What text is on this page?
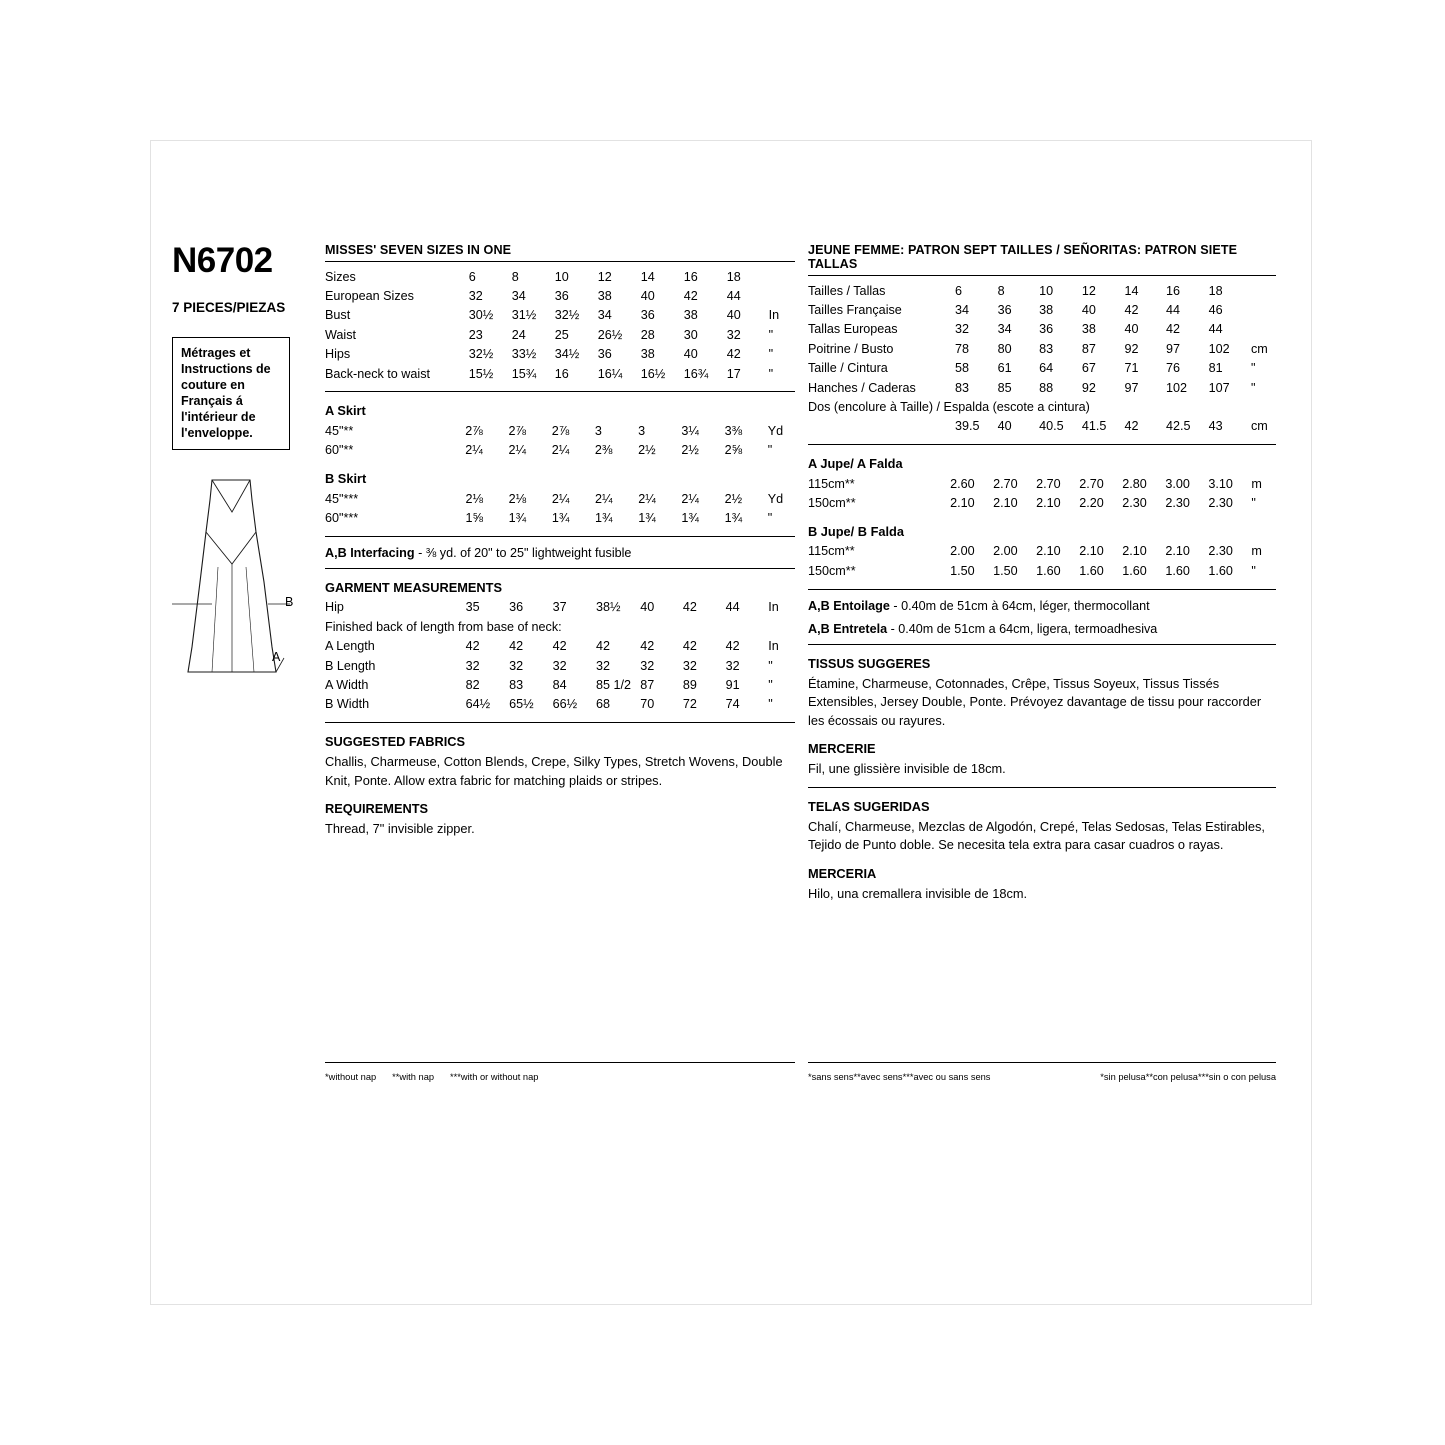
N6702
7 PIECES/PIEZAS
Métrages et Instructions de couture en Français á l'intérieur de l'enveloppe.
B
A
MISSES' SEVEN SIZES IN ONE
Sizes	6	8	10	12	14	16	18	
European Sizes	32	34	36	38	40	42	44	
Bust	30½	31½	32½	34	36	38	40	In
Waist	23	24	25	26½	28	30	32	"
Hips	32½	33½	34½	36	38	40	42	"
Back-neck to waist	15½	15¾	16	16¼	16½	16¾	17	"
A Skirt
45"**	2⅞	2⅞	2⅞	3	3	3¼	3⅜	Yd
60"**	2¼	2¼	2¼	2⅜	2½	2½	2⅝	"
B Skirt
45"***	2⅛	2⅛	2¼	2¼	2¼	2¼	2½	Yd
60"***	1⅝	1¾	1¾	1¾	1¾	1¾	1¾	"
A,B Interfacing - ⅜ yd. of 20" to 25" lightweight fusible
GARMENT MEASUREMENTS
Hip	35	36	37	38½	40	42	44	In
Finished back of length from base of neck:								
A Length	42	42	42	42	42	42	42	In
B Length	32	32	32	32	32	32	32	"
A Width	82	83	84	85 1/2	87	89	91	"
B Width	64½	65½	66½	68	70	72	74	"
SUGGESTED FABRICS
Challis, Charmeuse, Cotton Blends, Crepe, Silky Types, Stretch Wovens, Double Knit, Ponte. Allow extra fabric for matching plaids or stripes.
REQUIREMENTS
Thread, 7" invisible zipper.
JEUNE FEMME: PATRON SEPT TAILLES / SEÑORITAS: PATRON SIETE TALLAS
Tailles / Tallas	6	8	10	12	14	16	18	
Tailles Française	34	36	38	40	42	44	46	
Tallas Europeas	32	34	36	38	40	42	44	
Poitrine / Busto	78	80	83	87	92	97	102	cm
Taille / Cintura	58	61	64	67	71	76	81	"
Hanches / Caderas	83	85	88	92	97	102	107	"
Dos (encolure à Taille) / Espalda (escote a cintura)								
	39.5	40	40.5	41.5	42	42.5	43	cm
A Jupe/ A Falda
115cm**	2.60	2.70	2.70	2.70	2.80	3.00	3.10	m
150cm**	2.10	2.10	2.10	2.20	2.30	2.30	2.30	"
B Jupe/ B Falda
115cm**	2.00	2.00	2.10	2.10	2.10	2.10	2.30	m
150cm**	1.50	1.50	1.60	1.60	1.60	1.60	1.60	"
A,B Entoilage - 0.40m de 51cm à 64cm, léger, thermocollant
A,B Entretela - 0.40m de 51cm a 64cm, ligera, termoadhesiva
TISSUS SUGGERES
Étamine, Charmeuse, Cotonnades, Crêpe, Tissus Soyeux, Tissus Tissés Extensibles, Jersey Double, Ponte. Prévoyez davantage de tissu pour raccorder les écossais ou rayures.
MERCERIE
Fil, une glissière invisible de 18cm.
TELAS SUGERIDAS
Chalí, Charmeuse, Mezclas de Algodón, Crepé, Telas Sedosas, Telas Estirables, Tejido de Punto doble. Se necesita tela extra para casar cuadros o rayas.
MERCERIA
Hilo, una cremallera invisible de 18cm.
*without nap **with nap ***with or without nap	*sans sens**avec sens***avec ou sans sens	*sin pelusa**con pelusa***sin o con pelusa
